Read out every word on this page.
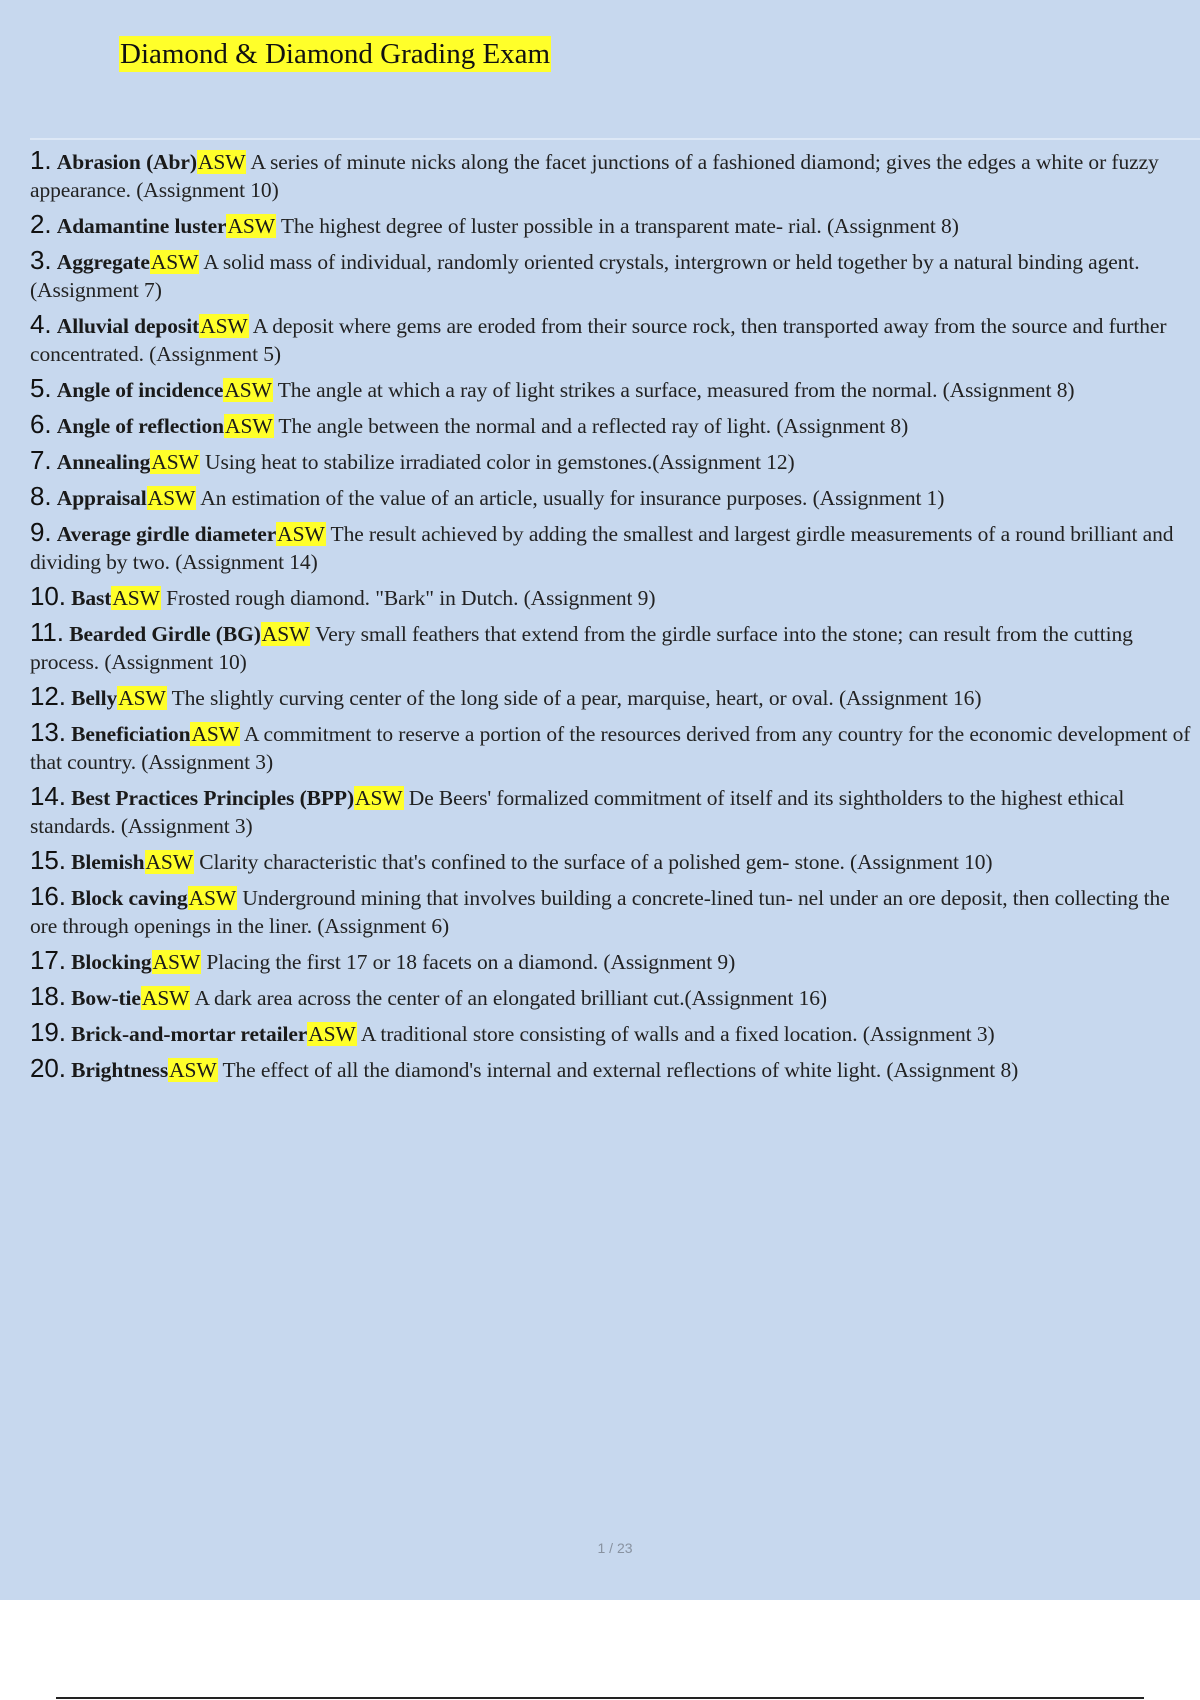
Diamond & Diamond Grading Exam
1. Abrasion (Abr)ASW A series of minute nicks along the facet junctions of a fashioned diamond; gives the edges a white or fuzzy appearance. (Assignment 10)
2. Adamantine lusterASW The highest degree of luster possible in a transparent mate- rial. (Assignment 8)
3. AggregateASW A solid mass of individual, randomly oriented crystals, intergrown or held together by a natural binding agent. (Assignment 7)
4. Alluvial depositASW A deposit where gems are eroded from their source rock, then transported away from the source and further concentrated. (Assignment 5)
5. Angle of incidenceASW The angle at which a ray of light strikes a surface, measured from the normal. (Assignment 8)
6. Angle of reflectionASW The angle between the normal and a reflected ray of light. (Assignment 8)
7. AnnealingASW Using heat to stabilize irradiated color in gemstones.(Assignment 12)
8. AppraisalASW An estimation of the value of an article, usually for insurance purposes. (Assignment 1)
9. Average girdle diameterASW The result achieved by adding the smallest and largest girdle measurements of a round brilliant and dividing by two. (Assignment 14)
10. BastASW Frosted rough diamond. "Bark" in Dutch. (Assignment 9)
11. Bearded Girdle (BG)ASW Very small feathers that extend from the girdle surface into the stone; can result from the cutting process. (Assignment 10)
12. BellyASW The slightly curving center of the long side of a pear, marquise, heart, or oval. (Assignment 16)
13. BeneficiationASW A commitment to reserve a portion of the resources derived from any country for the economic development of that country. (Assignment 3)
14. Best Practices Principles (BPP)ASW De Beers' formalized commitment of itself and its sightholders to the highest ethical standards. (Assignment 3)
15. BlemishASW Clarity characteristic that's confined to the surface of a polished gem- stone. (Assignment 10)
16. Block cavingASW Underground mining that involves building a concrete-lined tun- nel under an ore deposit, then collecting the ore through openings in the liner. (Assignment 6)
17. BlockingASW Placing the first 17 or 18 facets on a diamond. (Assignment 9)
18. Bow-tieASW A dark area across the center of an elongated brilliant cut.(Assignment 16)
19. Brick-and-mortar retailerASW A traditional store consisting of walls and a fixed location. (Assignment 3)
20. BrightnessASW The effect of all the diamond's internal and external reflections of white light. (Assignment 8)
1 / 23
